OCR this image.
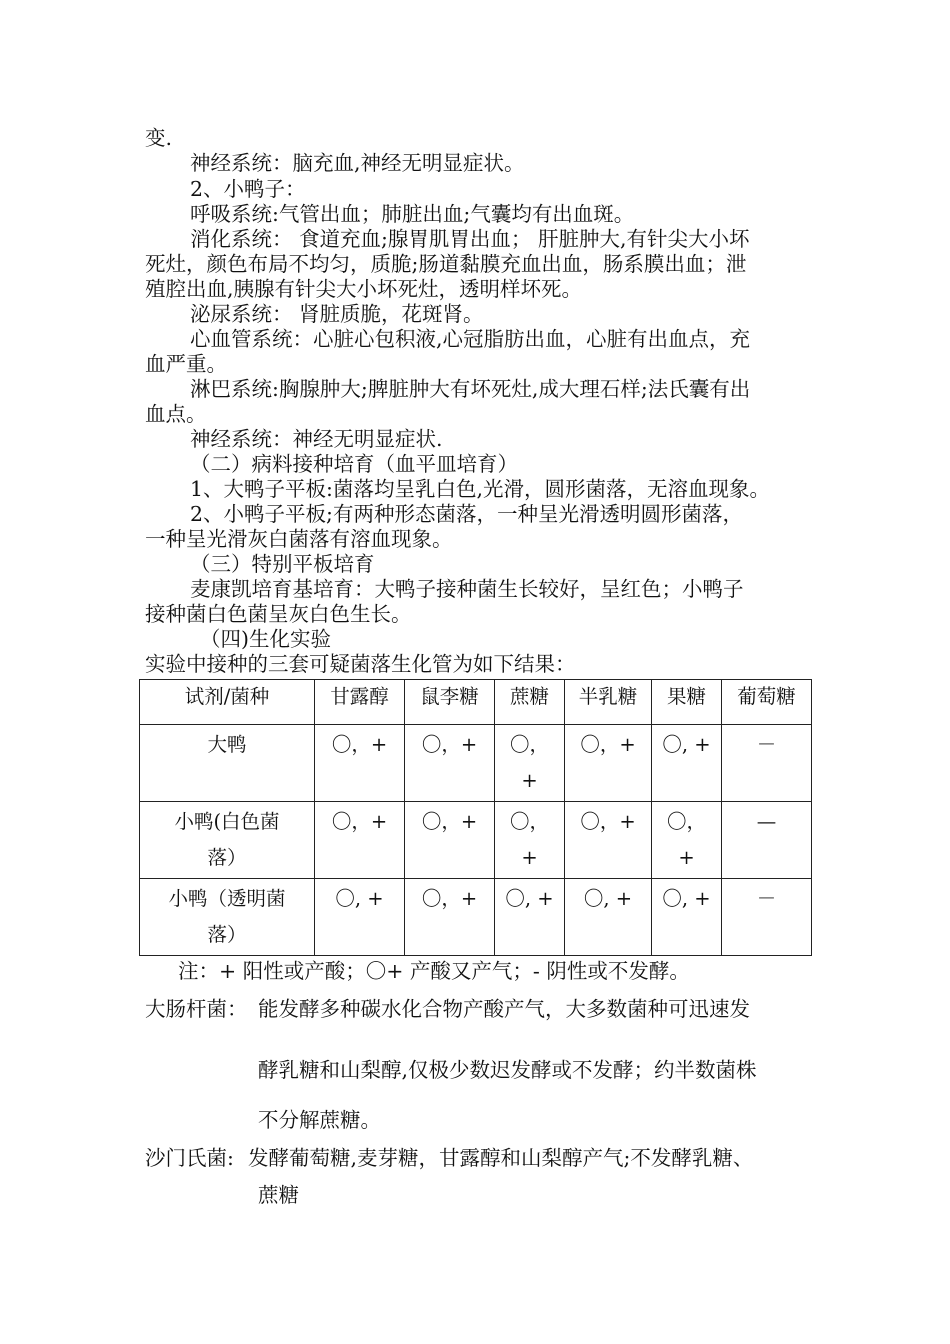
变.
神经系统：脑充血,神经无明显症状。
2、小鸭子：
呼吸系统:气管出血；肺脏出血;气囊均有出血斑。
消化系统： 食道充血;腺胃肌胃出血； 肝脏肿大,有针尖大小坏
死灶，颜色布局不均匀，质脆;肠道黏膜充血出血，肠系膜出血；泄
殖腔出血,胰腺有针尖大小坏死灶，透明样坏死。
泌尿系统： 肾脏质脆，花斑肾。
心血管系统：心脏心包积液,心冠脂肪出血，心脏有出血点，充
血严重。
淋巴系统:胸腺肿大;脾脏肿大有坏死灶,成大理石样;法氏囊有出
血点。
神经系统：神经无明显症状.
（二）病料接种培育（血平皿培育）
1、大鸭子平板:菌落均呈乳白色,光滑，圆形菌落，无溶血现象。
2、小鸭子平板;有两种形态菌落，一种呈光滑透明圆形菌落，
一种呈光滑灰白菌落有溶血现象。
（三）特别平板培育
麦康凯培育基培育：大鸭子接种菌生长较好，呈红色；小鸭子
接种菌白色菌呈灰白色生长。
（四)生化实验
实验中接种的三套可疑菌落生化管为如下结果：
试剂/菌种	甘露醇	鼠李糖	蔗糖	半乳糖	果糖	葡萄糖

大鸭	〇，+	〇，+	〇，
+	〇，+	〇, +	－

小鸭(白色菌
落）	〇，+	〇，+	〇，
+	〇，+	〇，
+	—

小鸭（透明菌
落）	〇, +	〇，+	〇, +	〇, +	〇, +	－
注：+ 阳性或产酸；〇+ 产酸又产气；- 阴性或不发酵。
大肠杆菌： 能发酵多种碳水化合物产酸产气，大多数菌种可迅速发
酵乳糖和山梨醇,仅极少数迟发酵或不发酵；约半数菌株
不分解蔗糖。
沙门氏菌: 发酵葡萄糖,麦芽糖，甘露醇和山梨醇产气;不发酵乳糖、
蔗糖
